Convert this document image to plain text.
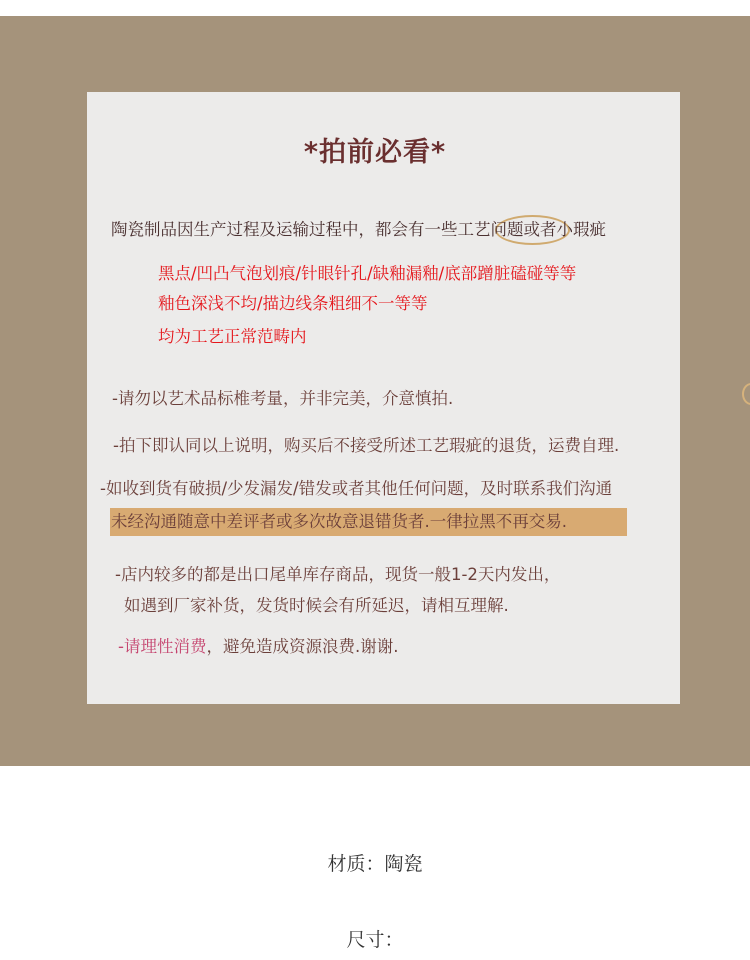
*拍前必看*
陶瓷制品因生产过程及运输过程中，都会有一些工艺问题或者小瑕疵
黑点/凹凸气泡划痕/针眼针孔/缺釉漏釉/底部蹭脏磕碰等等
釉色深浅不均/描边线条粗细不一等等
均为工艺正常范畴内
-请勿以艺术品标椎考量，并非完美，介意慎拍.
-拍下即认同以上说明，购买后不接受所述工艺瑕疵的退货，运费自理.
-如收到货有破损/少发漏发/错发或者其他任何问题，及时联系我们沟通
未经沟通随意中差评者或多次故意退错货者.一律拉黑不再交易.
-店内较多的都是出口尾单库存商品，现货一般1-2天内发出，
如遇到厂家补货，发货时候会有所延迟，请相互理解.
-请理性消费，避免造成资源浪费.谢谢.
材质：陶瓷
尺寸：
